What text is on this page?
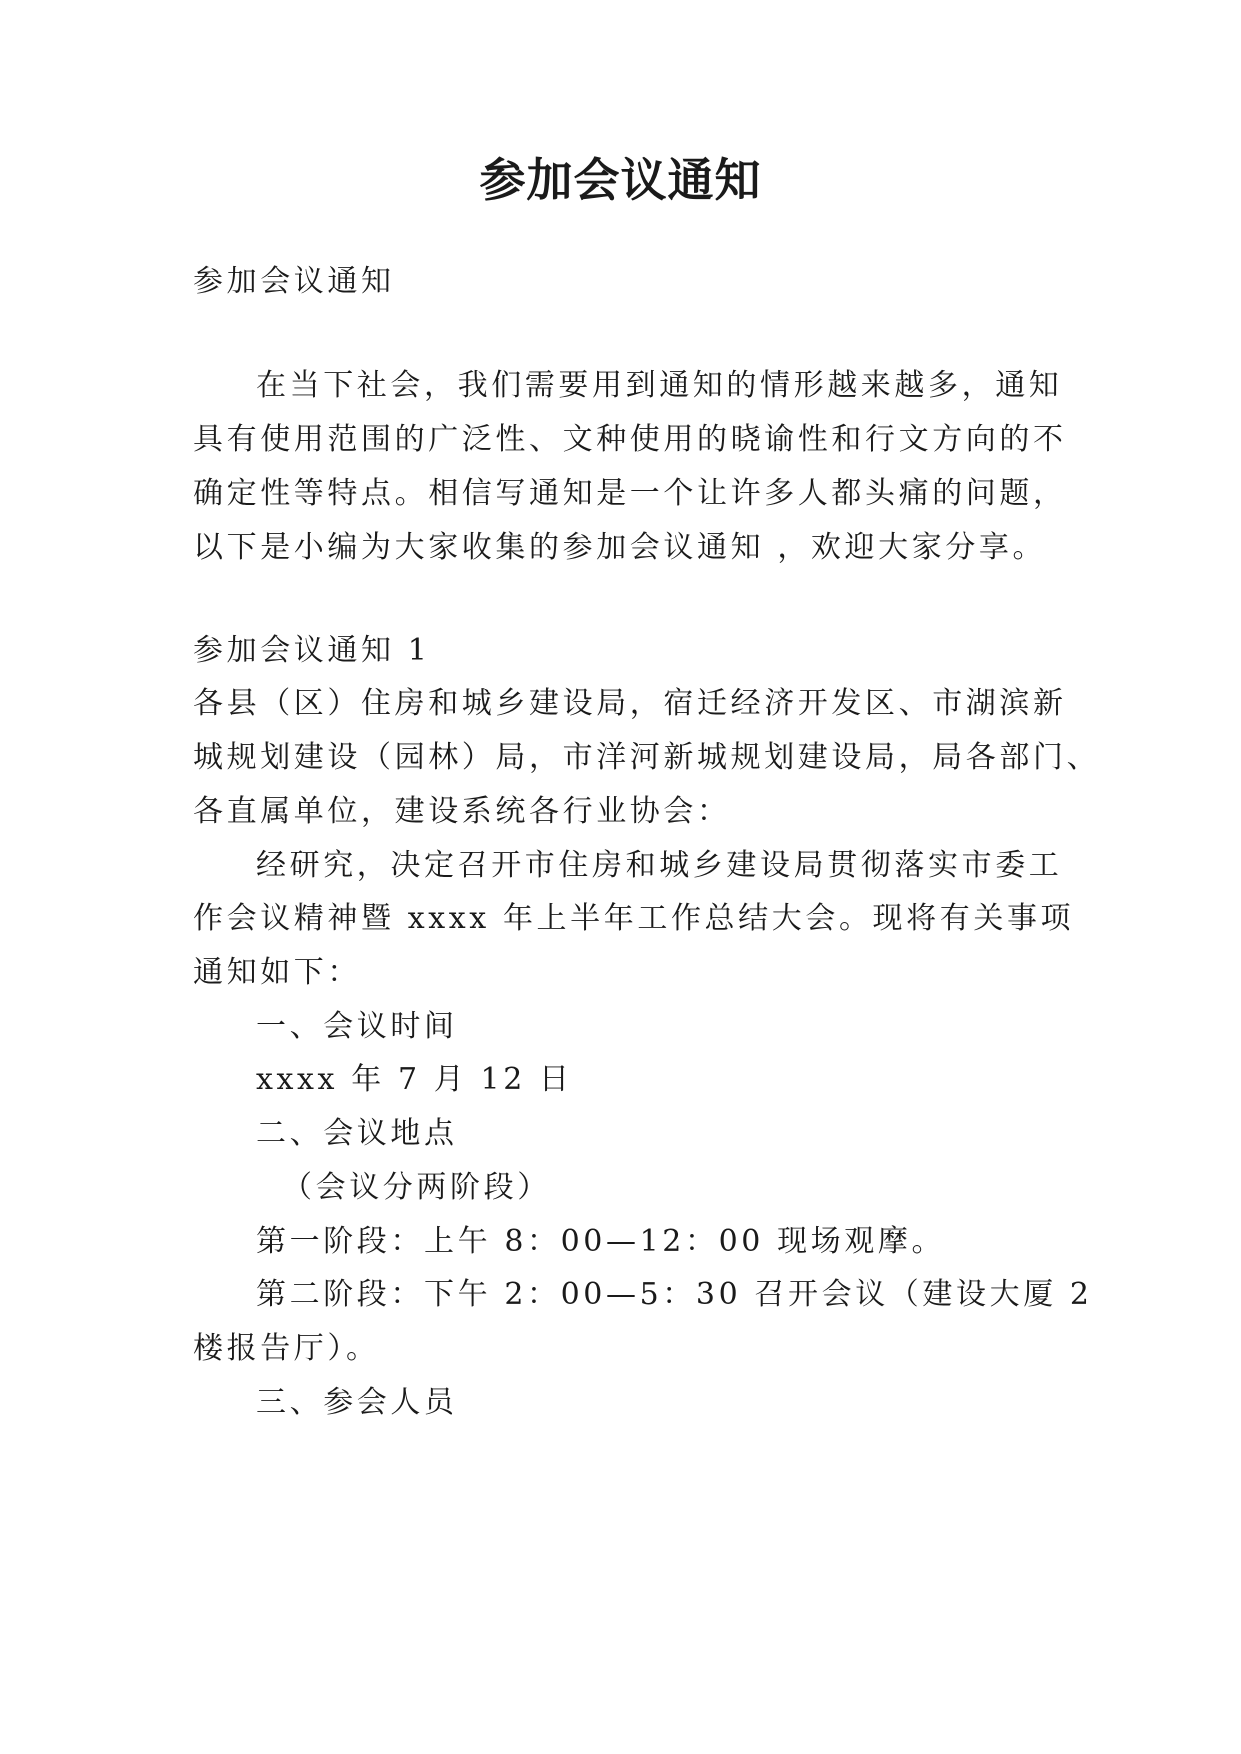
参加会议通知
参加会议通知
在当下社会，我们需要用到通知的情形越来越多，通知
具有使用范围的广泛性、文种使用的晓谕性和行文方向的不
确定性等特点。相信写通知是一个让许多人都头痛的问题，
以下是小编为大家收集的参加会议通知 ，欢迎大家分享。
参加会议通知 1
各县（区）住房和城乡建设局，宿迁经济开发区、市湖滨新
城规划建设（园林）局，市洋河新城规划建设局，局各部门、
各直属单位，建设系统各行业协会：
经研究，决定召开市住房和城乡建设局贯彻落实市委工
作会议精神暨 xxxx 年上半年工作总结大会。现将有关事项
通知如下：
一、会议时间
xxxx 年 7 月 12 日
二、会议地点
（会议分两阶段）
第一阶段：上午 8：00—12：00 现场观摩。
第二阶段：下午 2：00—5：30 召开会议（建设大厦 2
楼报告厅）。
三、参会人员
